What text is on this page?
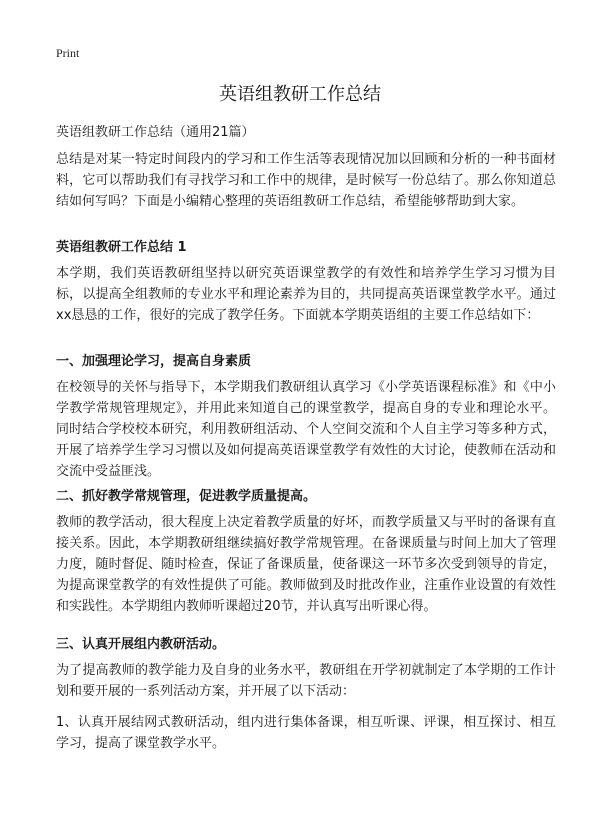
Print
英语组教研工作总结
英语组教研工作总结（通用21篇）
总结是对某一特定时间段内的学习和工作生活等表现情况加以回顾和分析的一种书面材料，它可以帮助我们有寻找学习和工作中的规律，是时候写一份总结了。那么你知道总结如何写吗？下面是小编精心整理的英语组教研工作总结，希望能够帮助到大家。
英语组教研工作总结 1
本学期，我们英语教研组坚持以研究英语课堂教学的有效性和培养学生学习习惯为目标，以提高全组教师的专业水平和理论素养为目的，共同提高英语课堂教学水平。通过xx恳恳的工作，很好的完成了教学任务。下面就本学期英语组的主要工作总结如下：
一、加强理论学习，提高自身素质
在校领导的关怀与指导下，本学期我们教研组认真学习《小学英语课程标准》和《中小学教学常规管理规定》，并用此来知道自己的课堂教学，提高自身的专业和理论水平。同时结合学校校本研究，利用教研组活动、个人空间交流和个人自主学习等多种方式，开展了培养学生学习习惯以及如何提高英语课堂教学有效性的大讨论，使教师在活动和交流中受益匪浅。
二、抓好教学常规管理，促进教学质量提高。
教师的教学活动，很大程度上决定着教学质量的好坏，而教学质量又与平时的备课有直接关系。因此，本学期教研组继续搞好教学常规管理。在备课质量与时间上加大了管理力度，随时督促、随时检查，保证了备课质量，使备课这一环节多次受到领导的肯定，为提高课堂教学的有效性提供了可能。教师做到及时批改作业，注重作业设置的有效性和实践性。本学期组内教师听课超过20节，并认真写出听课心得。
三、认真开展组内教研活动。
为了提高教师的教学能力及自身的业务水平，教研组在开学初就制定了本学期的工作计划和要开展的一系列活动方案，并开展了以下活动：
1、认真开展结网式教研活动，组内进行集体备课，相互听课、评课，相互探讨、相互学习，提高了课堂教学水平。
